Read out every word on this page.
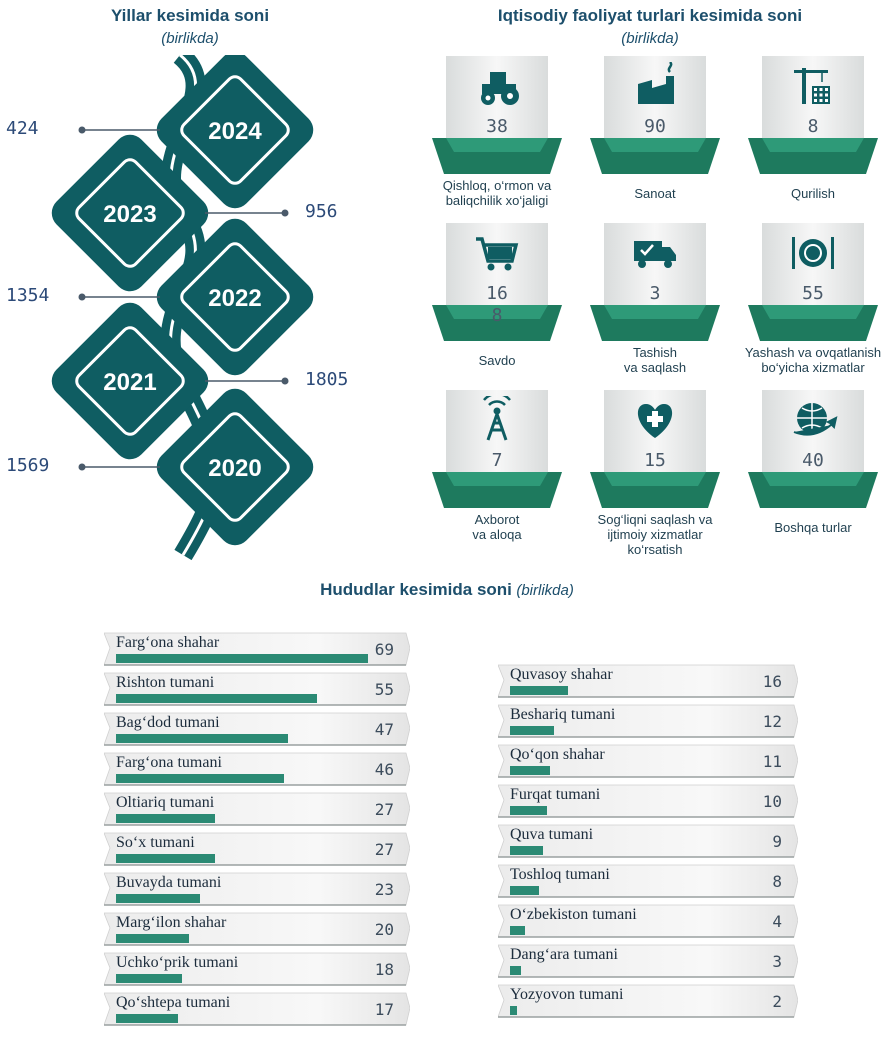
Yillar kesimida soni
(birlikda)
Iqtisodiy faoliyat turlari kesimida soni
(birlikda)
Hududlar kesimida soni (birlikda)
2024
2023
2022
2021
2020
424
956
1354
1805
1569
38
Qishloq, o‘rmon va
baliqchilik xo‘jaligi
90
Sanoat
8
Qurilish
16
8
Savdo
3
Tashish
va saqlash
55
Yashash va ovqatlanish
bo‘yicha xizmatlar
7
Axborot
va aloqa
15
Sog‘liqni saqlash va
ijtimoiy xizmatlar
ko‘rsatish
40
Boshqa turlar
Farg‘ona shahar	69
Rishton tumani	55
Bag‘dod tumani	47
Farg‘ona tumani	46
Oltiariq tumani	27
So‘x tumani	27
Buvayda tumani	23
Marg‘ilon shahar	20
Uchko‘prik tumani	18
Qo‘shtepa tumani	17
Quvasoy shahar	16
Beshariq tumani	12
Qo‘qon shahar	11
Furqat tumani	10
Quva tumani	9
Toshloq tumani	8
O‘zbekiston tumani	4
Dang‘ara tumani	3
Yozyovon tumani	2
